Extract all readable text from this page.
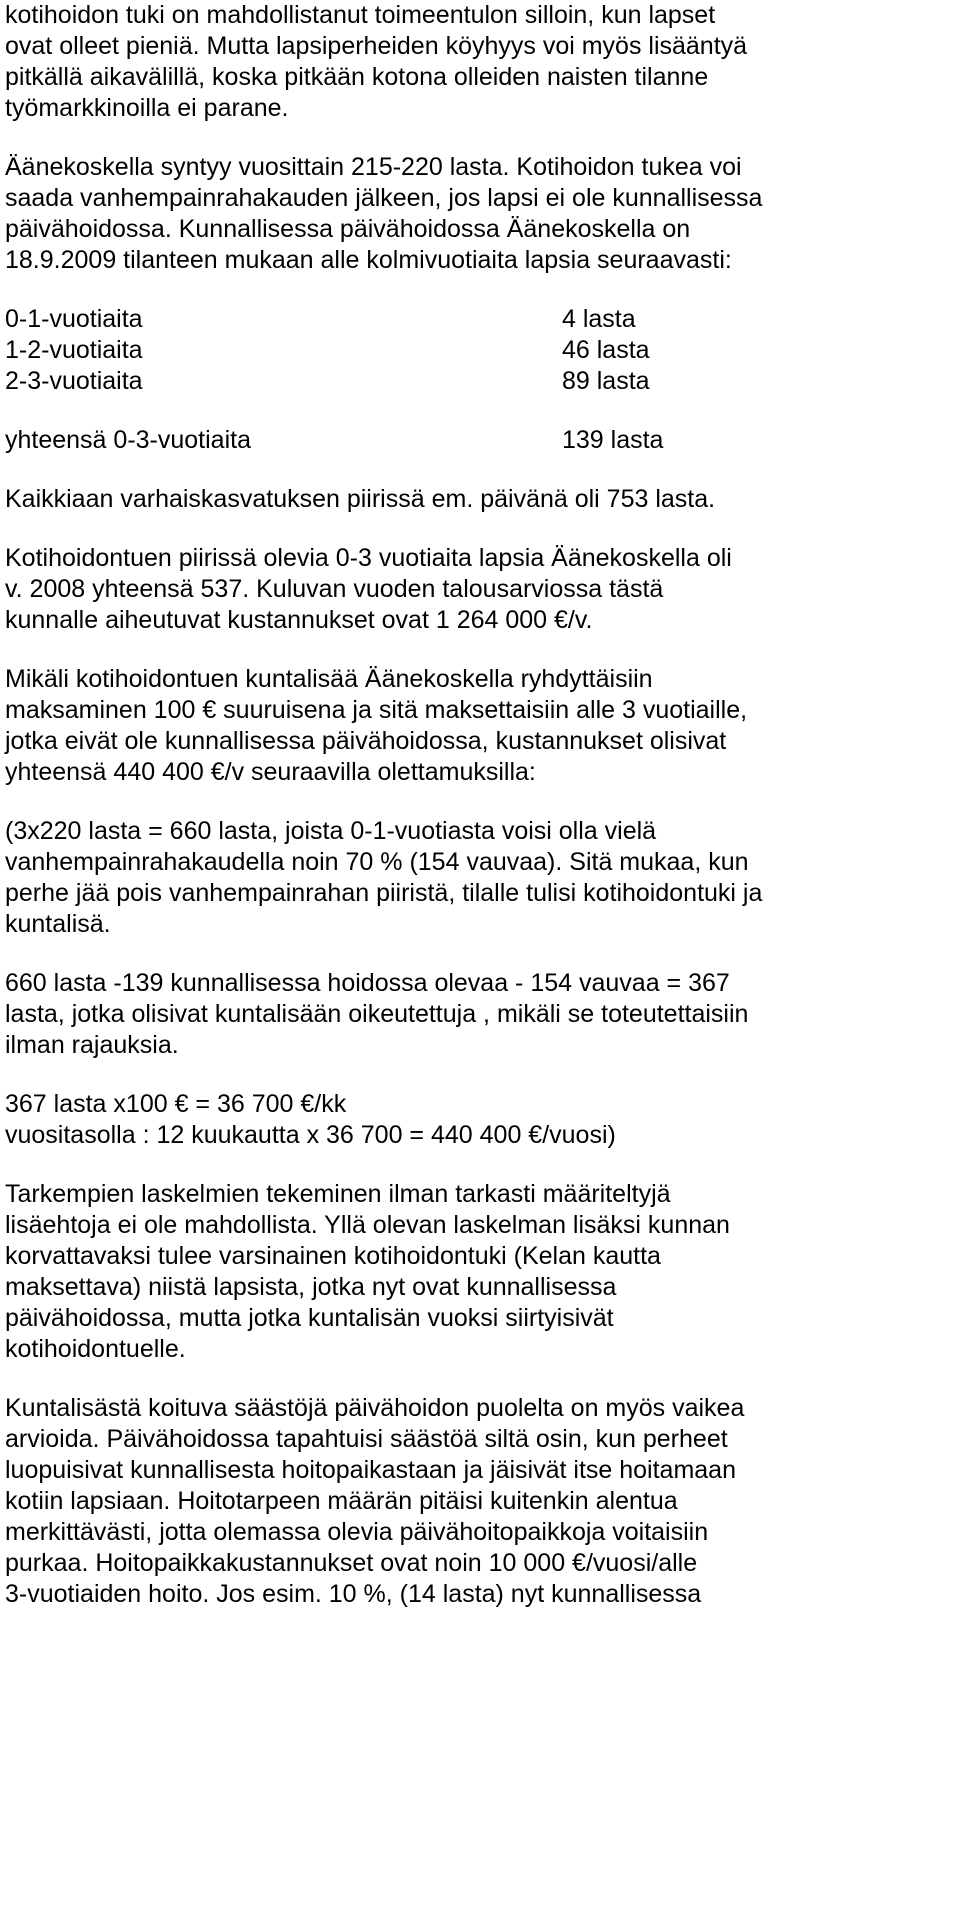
kotihoidon tuki on mahdollistanut toimeentulon silloin, kun lapset
ovat olleet pieniä. Mutta lapsiperheiden köyhyys voi myös lisääntyä
pitkällä aikavälillä, koska pitkään kotona olleiden naisten tilanne
työmarkkinoilla ei parane.
Äänekoskella syntyy vuosittain 215-220 lasta. Kotihoidon tukea voi
saada vanhempainrahakauden jälkeen, jos lapsi ei ole kunnallisessa
päivähoidossa. Kunnallisessa päivähoidossa Äänekoskella on
18.9.2009 tilanteen mukaan alle kolmivuotiaita lapsia seuraavasti:
0-1-vuotiaita	4 lasta
1-2-vuotiaita	46 lasta
2-3-vuotiaita	89 lasta
yhteensä 0-3-vuotiaita	139 lasta
Kaikkiaan varhaiskasvatuksen piirissä em. päivänä oli 753 lasta.
Kotihoidontuen piirissä olevia 0-3 vuotiaita lapsia Äänekoskella oli
v. 2008 yhteensä 537. Kuluvan vuoden talousarviossa tästä
kunnalle aiheutuvat kustannukset ovat 1 264 000 €/v.
Mikäli kotihoidontuen kuntalisää Äänekoskella ryhdyttäisiin
maksaminen 100 € suuruisena ja sitä maksettaisiin alle 3 vuotiaille,
jotka eivät ole kunnallisessa päivähoidossa, kustannukset olisivat
yhteensä 440 400 €/v seuraavilla olettamuksilla:
(3x220 lasta = 660 lasta, joista 0-1-vuotiasta voisi olla vielä
vanhempainrahakaudella noin 70 % (154 vauvaa). Sitä mukaa, kun
perhe jää pois vanhempainrahan piiristä, tilalle tulisi kotihoidontuki ja
kuntalisä.
660 lasta -139 kunnallisessa hoidossa olevaa - 154 vauvaa = 367
lasta, jotka olisivat kuntalisään oikeutettuja , mikäli se toteutettaisiin
ilman rajauksia.
367 lasta x100 € = 36 700 €/kk
vuositasolla : 12 kuukautta x 36 700 = 440 400 €/vuosi)
Tarkempien laskelmien tekeminen ilman tarkasti määriteltyjä
lisäehtoja ei ole mahdollista. Yllä olevan laskelman lisäksi kunnan
korvattavaksi tulee varsinainen kotihoidontuki (Kelan kautta
maksettava) niistä lapsista, jotka nyt ovat kunnallisessa
päivähoidossa, mutta jotka kuntalisän vuoksi siirtyisivät
kotihoidontuelle.
Kuntalisästä koituva säästöjä päivähoidon puolelta on myös vaikea
arvioida. Päivähoidossa tapahtuisi säästöä siltä osin, kun perheet
luopuisivat kunnallisesta hoitopaikastaan ja jäisivät itse hoitamaan
kotiin lapsiaan. Hoitotarpeen määrän pitäisi kuitenkin alentua
merkittävästi, jotta olemassa olevia päivähoitopaikkoja voitaisiin
purkaa. Hoitopaikkakustannukset ovat noin 10 000 €/vuosi/alle
3-vuotiaiden hoito. Jos esim. 10 %, (14 lasta) nyt kunnallisessa
